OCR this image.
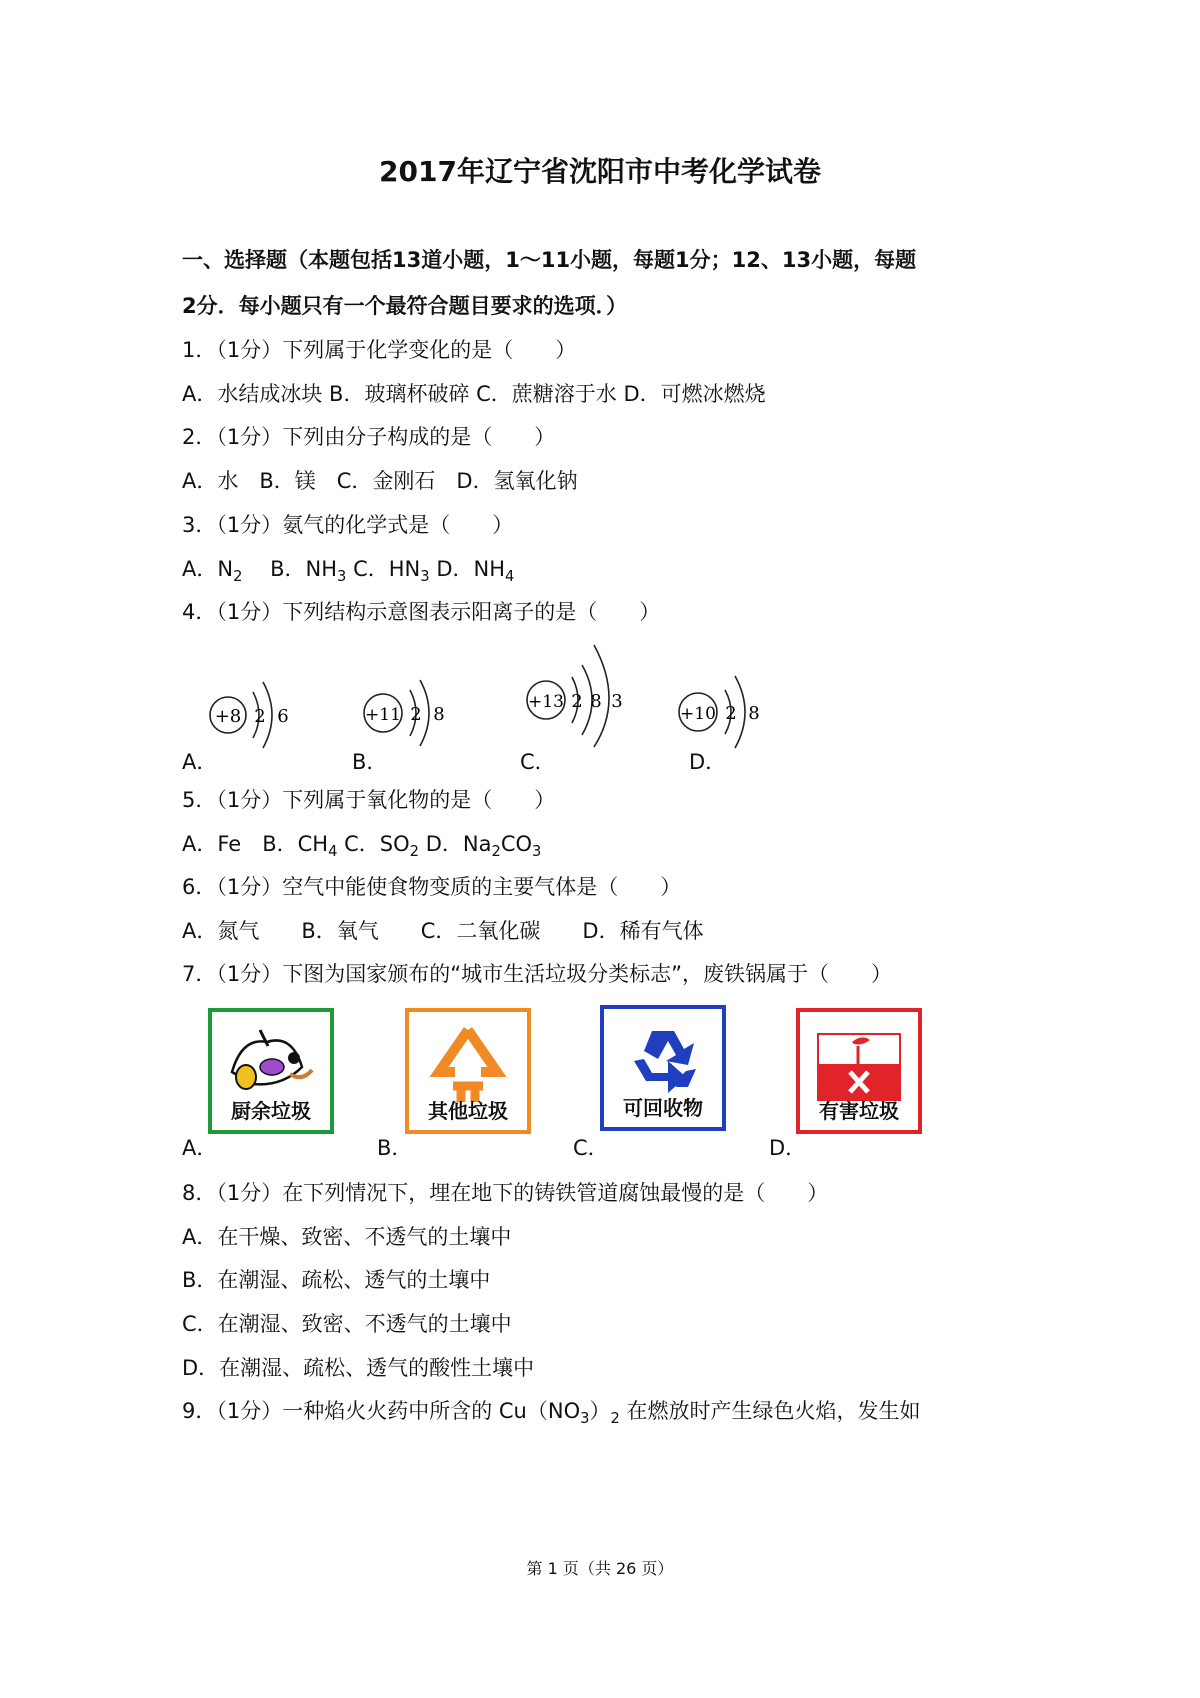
2017年辽宁省沈阳市中考化学试卷
一、选择题（本题包括13道小题，1～11小题，每题1分；12、13小题，每题
2分．每小题只有一个最符合题目要求的选项．）
1．（1分）下列属于化学变化的是（　　）
A．水结成冰块 B．玻璃杯破碎 C．蔗糖溶于水 D．可燃冰燃烧
2．（1分）下列由分子构成的是（　　）
A．水　B．镁　C．金刚石　D．氢氧化钠
3．（1分）氨气的化学式是（　　）
A．$N_2$　 B．$NH_3$ C．$HN_3$ D．$NH_4$
4．（1分）下列结构示意图表示阳离子的是（　　）
+8 2 6	+11 2 8
+13 2 8 3
+10 2 8
A．	B．	C．	D．
5．（1分）下列属于氧化物的是（　　）
A．Fe　B．$CH_4$ C．$SO_2$ D．$Na_2CO_3$
6．（1分）空气中能使食物变质的主要气体是（　　）
A．氮气　　B．氧气　　C．二氧化碳　　D．稀有气体
7．（1分）下图为国家颁布的“城市生活垃圾分类标志”，废铁锅属于（　　）
厨余垃圾	其他垃圾	可回收物	有害垃圾
A．	B．	C．	D．
8．（1分）在下列情况下，埋在地下的铸铁管道腐蚀最慢的是（　　）
A．在干燥、致密、不透气的土壤中
B．在潮湿、疏松、透气的土壤中
C．在潮湿、致密、不透气的土壤中
D．在潮湿、疏松、透气的酸性土壤中
9．（1分）一种焰火火药中所含的 $Cu(NO_3)_2$ 在燃放时产生绿色火焰，发生如
第 1 页（共 26 页）
